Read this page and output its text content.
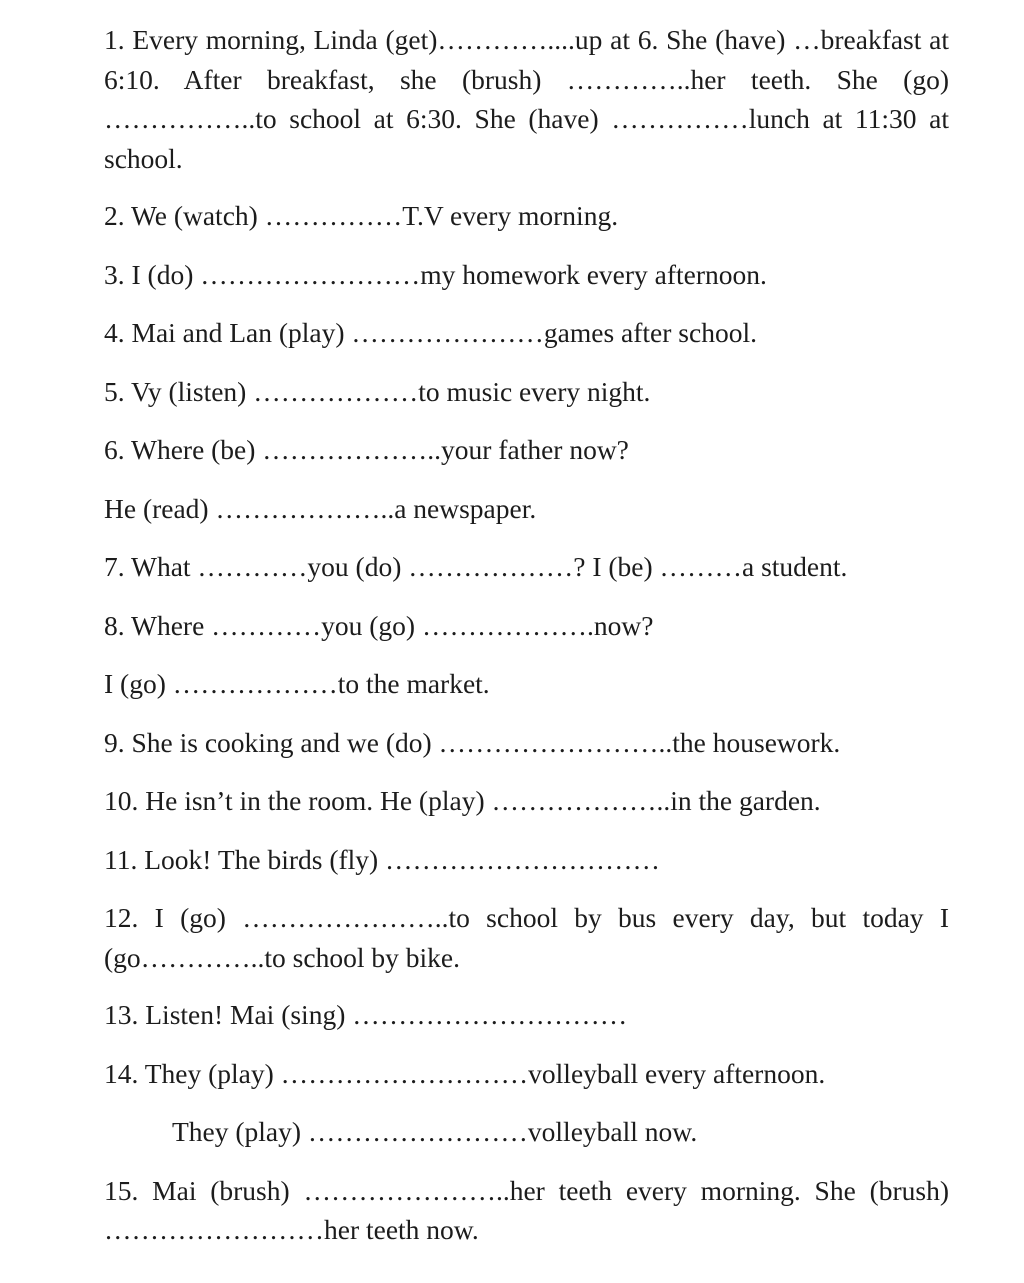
1. Every morning, Linda (get)…………....up at 6. She (have) …breakfast at 6:10. After breakfast, she (brush) …………..her teeth. She (go) ……………..to school at 6:30. She (have) ……………lunch at 11:30 at school.

2. We (watch) ……………T.V every morning.

3. I (do) ……………………my homework every afternoon.

4. Mai and Lan (play) …………………games after school.

5. Vy (listen) ………………to music every night.

6. Where (be) ………………..your father now?

He (read) ………………..a newspaper.

7. What …………you (do) ………………? I (be) ………a student.

8. Where …………you (go) ……………….now?

I (go) ………………to the market.

9. She is cooking and we (do) ……………………..the housework.

10. He isn’t in the room. He (play) ………………..in the garden.

11. Look! The birds (fly) …………………………

12. I (go) …………………..to school by bus every day, but today I (go…………..to school by bike.

13. Listen! Mai (sing) …………………………

14. They (play) ………………………volleyball every afternoon.

They (play) ……………………volleyball now.

15. Mai (brush) …………………..her teeth every morning. She (brush) ……………………her teeth now.
